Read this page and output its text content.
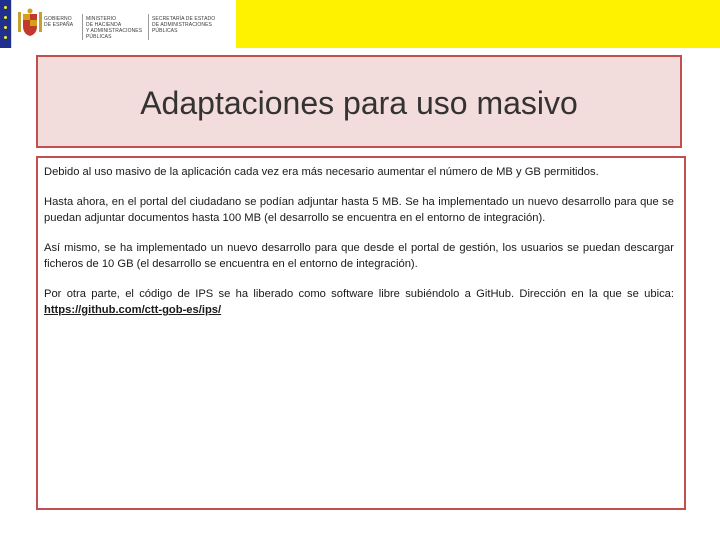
GOBIERNO
DE ESPAÑA
MINISTERIO
DE HACIENDA
Y ADMINISTRACIONES PÚBLICAS
SECRETARÍA DE ESTADO
DE ADMINISTRACIONES PÚBLICAS
Adaptaciones para uso masivo

Debido al uso masivo de la aplicación cada vez era más necesario aumentar el número de MB y GB permitidos.

Hasta ahora, en el portal del ciudadano se podían adjuntar hasta 5 MB. Se ha implementado un nuevo desarrollo para que se puedan adjuntar documentos hasta 100 MB (el desarrollo se encuentra en el entorno de integración).

Así mismo, se ha implementado un nuevo desarrollo para que desde el portal de gestión, los usuarios se puedan descargar ficheros de 10 GB (el desarrollo se encuentra en el entorno de integración).

Por otra parte, el código de IPS se ha liberado como software libre subiéndolo a GitHub. Dirección en la que se ubica: https://github.com/ctt-gob-es/ips/
